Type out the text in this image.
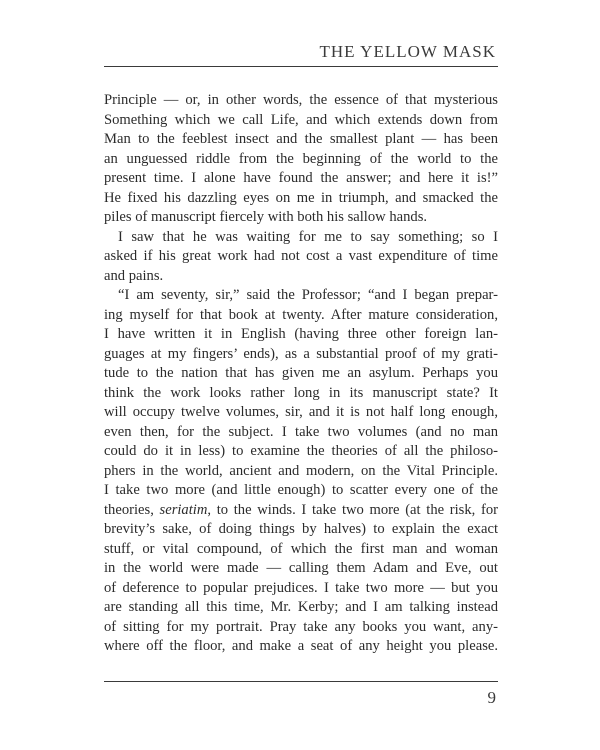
THE YELLOW MASK
Principle — or, in other words, the essence of that mysterious
Something which we call Life, and which extends down from
Man to the feeblest insect and the smallest plant — has been
an unguessed riddle from the beginning of the world to the
present time. I alone have found the answer; and here it is!”
He fixed his dazzling eyes on me in triumph, and smacked the
piles of manuscript fiercely with both his sallow hands.
I saw that he was waiting for me to say something; so I
asked if his great work had not cost a vast expenditure of time
and pains.
“I am seventy, sir,” said the Professor; “and I began prepar-
ing myself for that book at twenty. After mature consideration,
I have written it in English (having three other foreign lan-
guages at my fingers’ ends), as a substantial proof of my grati-
tude to the nation that has given me an asylum. Perhaps you
think the work looks rather long in its manuscript state? It
will occupy twelve volumes, sir, and it is not half long enough,
even then, for the subject. I take two volumes (and no man
could do it in less) to examine the theories of all the philoso-
phers in the world, ancient and modern, on the Vital Principle.
I take two more (and little enough) to scatter every one of the
theories, seriatim, to the winds. I take two more (at the risk, for
brevity’s sake, of doing things by halves) to explain the exact
stuff, or vital compound, of which the first man and woman
in the world were made — calling them Adam and Eve, out
of deference to popular prejudices. I take two more — but you
are standing all this time, Mr. Kerby; and I am talking instead
of sitting for my portrait. Pray take any books you want, any-
where off the floor, and make a seat of any height you please.
9
